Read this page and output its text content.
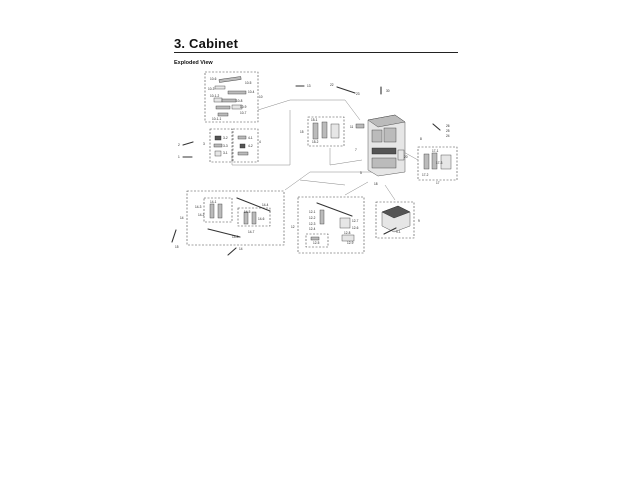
3. Cabinet
Exploded View
10-6
10-5
10-3
10-4
10-1-2
10-8
10-9
10-7
10-1-1
10
3-2
3-3
3-1
4-1
4-2
3	4
2
1
13	22
23
30
15-1
15-2
15
11
7
5
18
20
8
26
25
24
17-1
17-2
17-3
17
14-1
14-3
14-2
14-4
14-5
14-6
14-7
14-8
14
15	14
12-1
12-2
12-3
12-4
12-7
12-6
12-8
12-9
12-5
12
9-1
9
